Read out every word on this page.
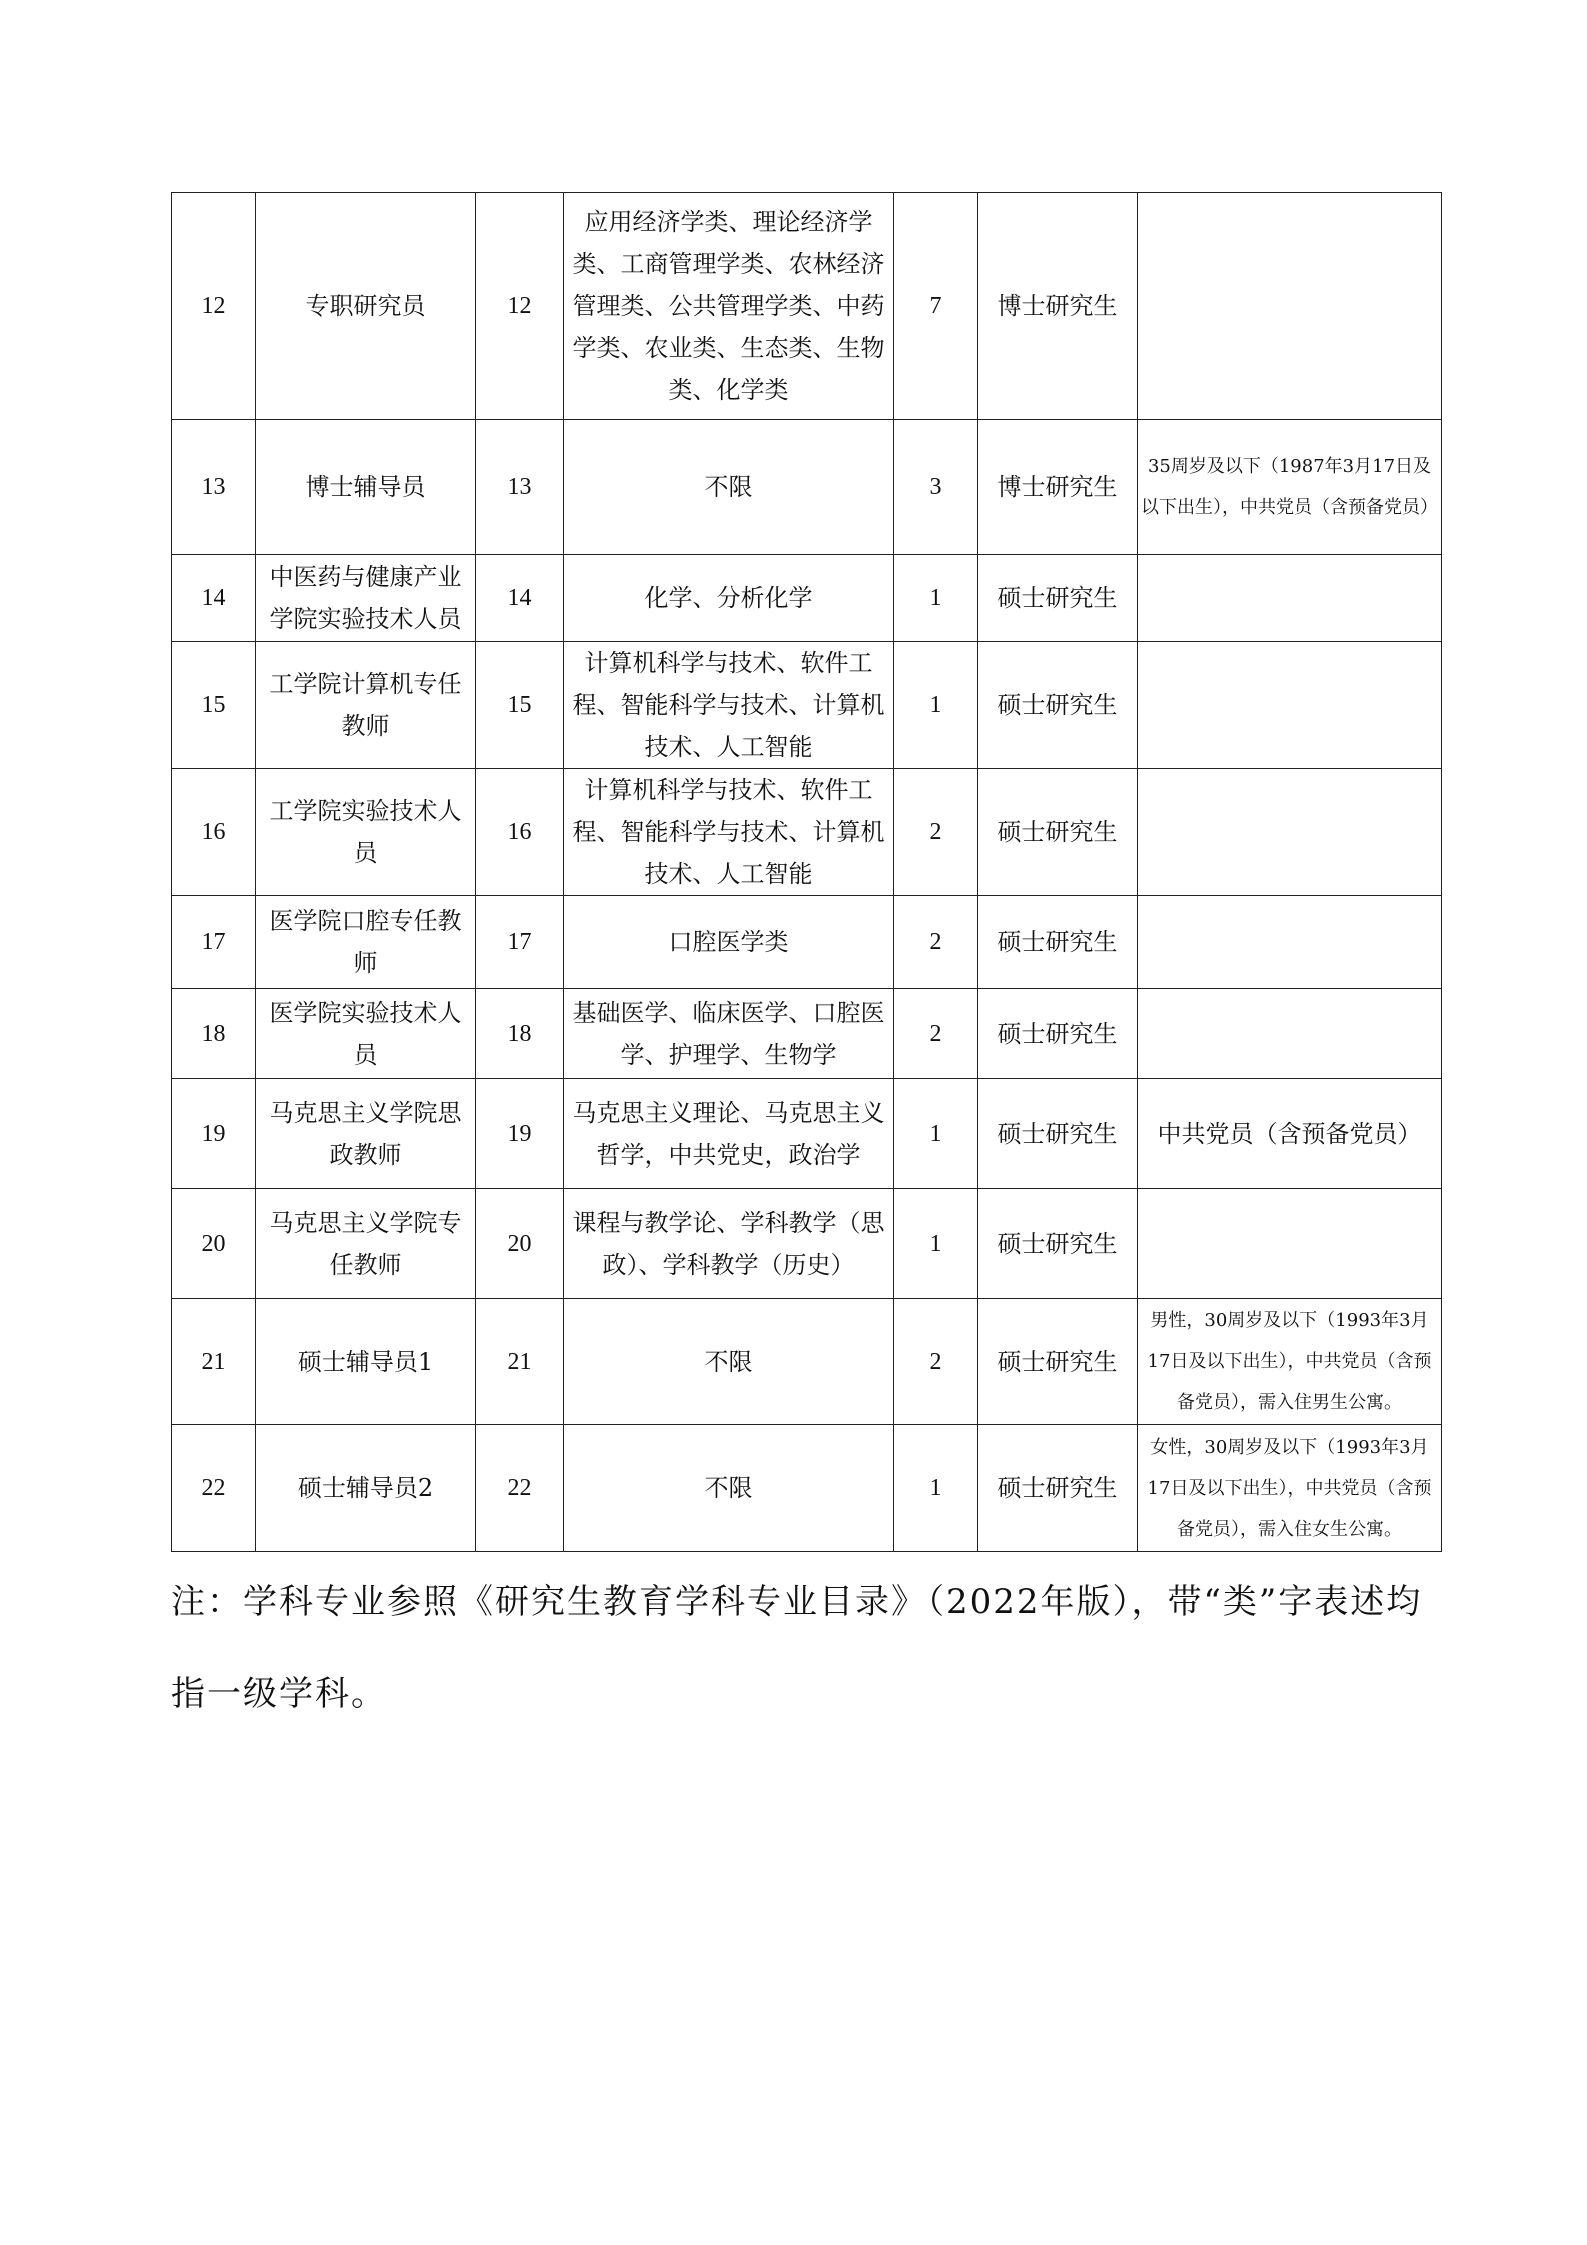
12	专职研究员	12	应用经济学类、理论经济学类、工商管理学类、农林经济管理类、公共管理学类、中药学类、农业类、生态类、生物类、化学类	7	博士研究生	
13	博士辅导员	13	不限	3	博士研究生	35周岁及以下（1987年3月17日及以下出生），中共党员（含预备党员）
14	中医药与健康产业学院实验技术人员	14	化学、分析化学	1	硕士研究生	
15	工学院计算机专任教师	15	计算机科学与技术、软件工程、智能科学与技术、计算机技术、人工智能	1	硕士研究生	
16	工学院实验技术人员	16	计算机科学与技术、软件工程、智能科学与技术、计算机技术、人工智能	2	硕士研究生	
17	医学院口腔专任教师	17	口腔医学类	2	硕士研究生	
18	医学院实验技术人员	18	基础医学、临床医学、口腔医学、护理学、生物学	2	硕士研究生	
19	马克思主义学院思政教师	19	马克思主义理论、马克思主义哲学，中共党史，政治学	1	硕士研究生	中共党员（含预备党员）
20	马克思主义学院专任教师	20	课程与教学论、学科教学（思政）、学科教学（历史）	1	硕士研究生	
21	硕士辅导员1	21	不限	2	硕士研究生	男性，30周岁及以下（1993年3月17日及以下出生），中共党员（含预备党员），需入住男生公寓。
22	硕士辅导员2	22	不限	1	硕士研究生	女性，30周岁及以下（1993年3月17日及以下出生），中共党员（含预备党员），需入住女生公寓。
注：学科专业参照《研究生教育学科专业目录》（2022年版），带“类”字表述均指一级学科。
